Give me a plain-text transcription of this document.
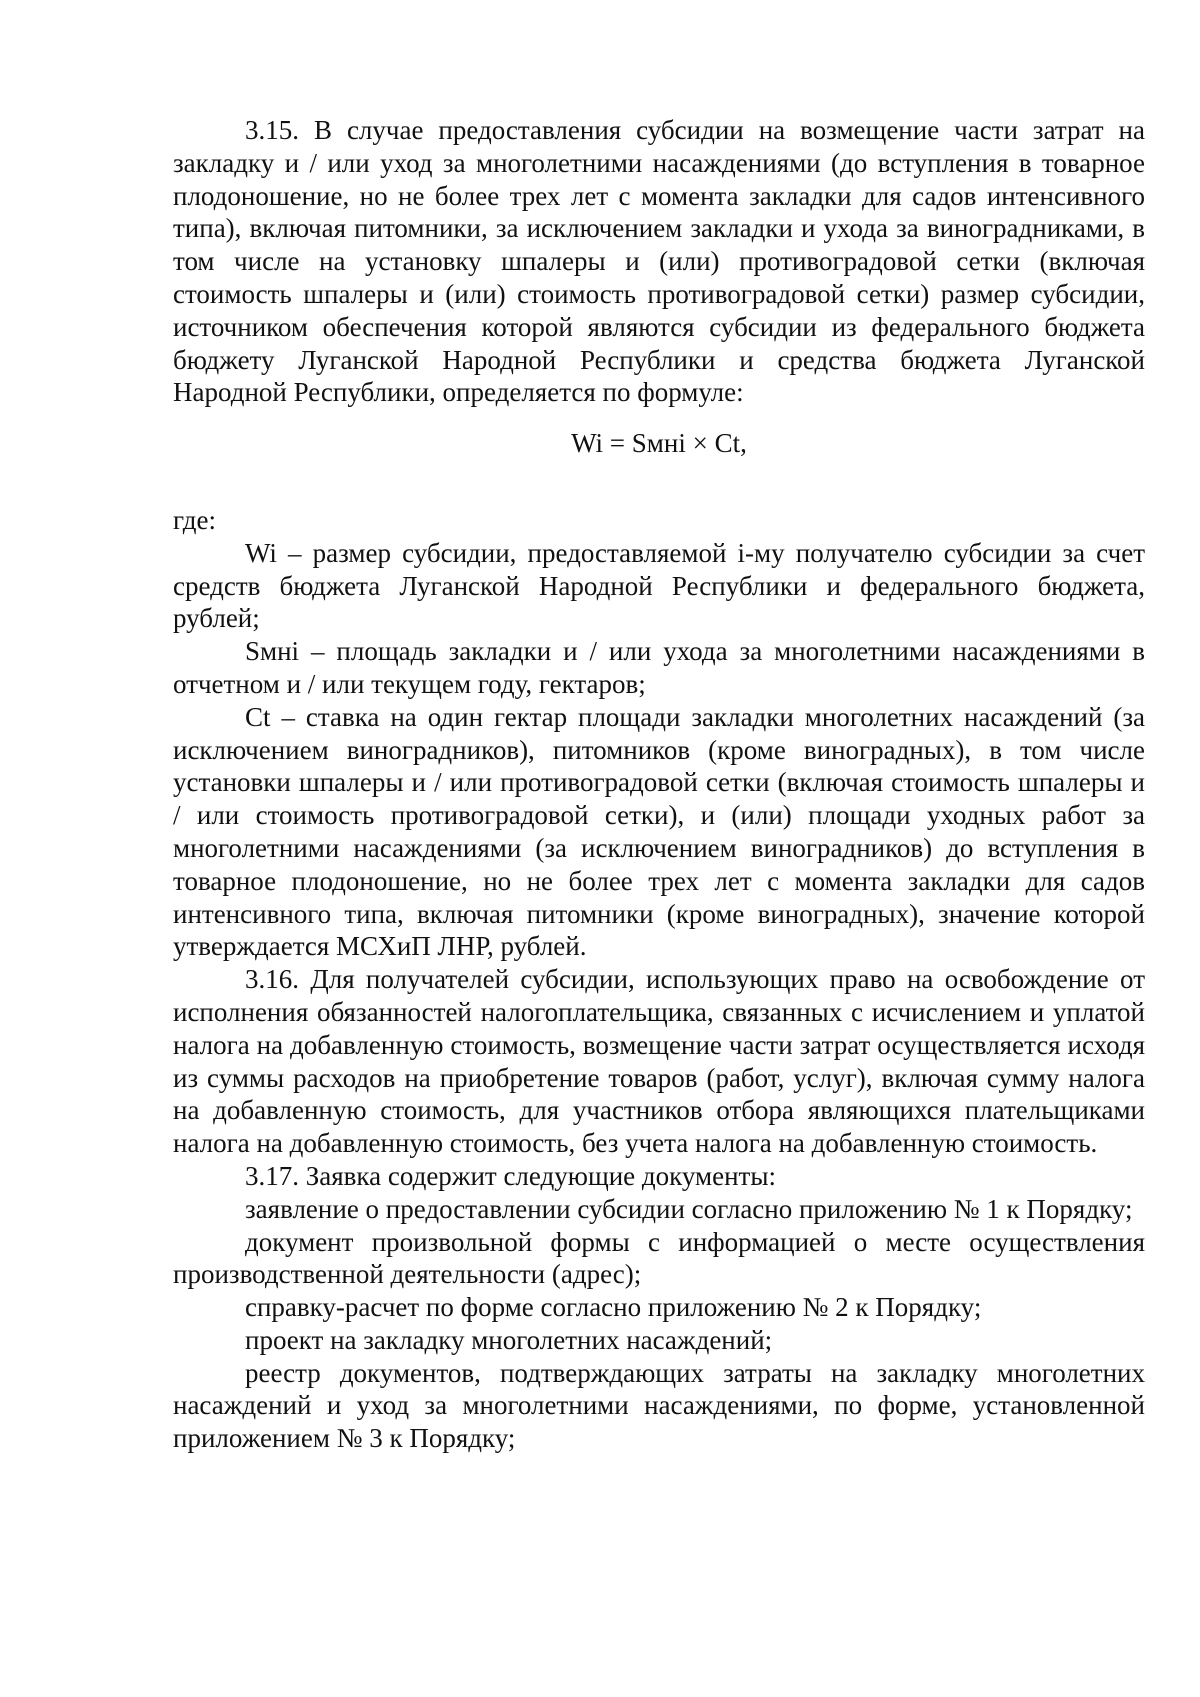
3.15. В случае предоставления субсидии на возмещение части затрат на закладку и / или уход за многолетними насаждениями (до вступления в товарное плодоношение, но не более трех лет с момента закладки для садов интенсивного типа), включая питомники, за исключением закладки и ухода за виноградниками, в том числе на установку шпалеры и (или) противоградовой сетки (включая стоимость шпалеры и (или) стоимость противоградовой сетки) размер субсидии, источником обеспечения которой являются субсидии из федерального бюджета бюджету Луганской Народной Республики и средства бюджета Луганской Народной Республики, определяется по формуле:

Wi = Sмнi × Ct,

где:

Wi – размер субсидии, предоставляемой i-му получателю субсидии за счет средств бюджета Луганской Народной Республики и федерального бюджета, рублей;

Sмнi – площадь закладки и / или ухода за многолетними насаждениями в отчетном и / или текущем году, гектаров;

Ct – ставка на один гектар площади закладки многолетних насаждений (за исключением виноградников), питомников (кроме виноградных), в том числе установки шпалеры и / или противоградовой сетки (включая стоимость шпалеры и / или стоимость противоградовой сетки), и (или) площади уходных работ за многолетними насаждениями (за исключением виноградников) до вступления в товарное плодоношение, но не более трех лет с момента закладки для садов интенсивного типа, включая питомники (кроме виноградных), значение которой утверждается МСХиП ЛНР, рублей.

3.16. Для получателей субсидии, использующих право на освобождение от исполнения обязанностей налогоплательщика, связанных с исчислением и уплатой налога на добавленную стоимость, возмещение части затрат осуществляется исходя из суммы расходов на приобретение товаров (работ, услуг), включая сумму налога на добавленную стоимость, для участников отбора являющихся плательщиками налога на добавленную стоимость, без учета налога на добавленную стоимость.

3.17. Заявка содержит следующие документы:

заявление о предоставлении субсидии согласно приложению № 1 к Порядку;

документ произвольной формы с информацией о месте осуществления производственной деятельности (адрес);

справку-расчет по форме согласно приложению № 2 к Порядку;

проект на закладку многолетних насаждений;

реестр документов, подтверждающих затраты на закладку многолетних насаждений и уход за многолетними насаждениями, по форме, установленной приложением № 3 к Порядку;
